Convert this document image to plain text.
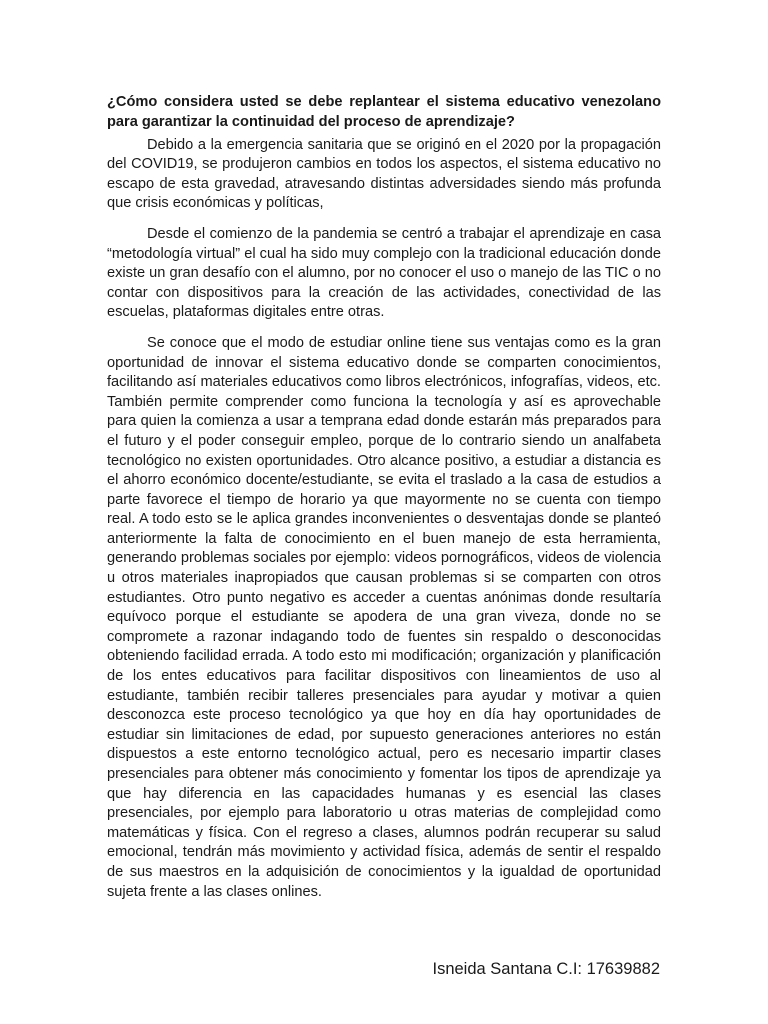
¿Cómo considera usted se debe replantear el sistema educativo venezolano para garantizar la continuidad del proceso de aprendizaje?

Debido a la emergencia sanitaria que se originó en el 2020 por la propagación del COVID19, se produjeron cambios en todos los aspectos, el sistema educativo no escapo de esta gravedad, atravesando distintas adversidades siendo más profunda que crisis económicas y políticas,

Desde el comienzo de la pandemia se centró a trabajar el aprendizaje en casa “metodología virtual” el cual ha sido muy complejo con la tradicional educación donde existe un gran desafío con el alumno, por no conocer el uso o manejo de las TIC o no contar con dispositivos para la creación de las actividades, conectividad de las escuelas, plataformas digitales entre otras.

Se conoce que el modo de estudiar online tiene sus ventajas como es la gran oportunidad de innovar el sistema educativo donde se comparten conocimientos, facilitando así materiales educativos como libros electrónicos, infografías, videos, etc. También permite comprender como funciona la tecnología y así es aprovechable para quien la comienza a usar a temprana edad donde estarán más preparados para el futuro y el poder conseguir empleo, porque de lo contrario siendo un analfabeta tecnológico no existen oportunidades. Otro alcance positivo, a estudiar a distancia es el ahorro económico docente/estudiante, se evita el traslado a la casa de estudios a parte favorece el tiempo de horario ya que mayormente no se cuenta con tiempo real. A todo esto se le aplica grandes inconvenientes o desventajas donde se planteó anteriormente la falta de conocimiento en el buen manejo de esta herramienta, generando problemas sociales por ejemplo: videos pornográficos, videos de violencia u otros materiales inapropiados que causan problemas si se comparten con otros estudiantes. Otro punto negativo es acceder a cuentas anónimas donde resultaría equívoco porque el estudiante se apodera de una gran viveza, donde no se compromete a razonar indagando todo de fuentes sin respaldo o desconocidas obteniendo facilidad errada. A todo esto mi modificación; organización y planificación de los entes educativos para facilitar dispositivos con lineamientos de uso al estudiante, también recibir talleres presenciales para ayudar y motivar a quien desconozca este proceso tecnológico ya que hoy en día hay oportunidades de estudiar sin limitaciones de edad, por supuesto generaciones anteriores no están dispuestos a este entorno tecnológico actual, pero es necesario impartir clases presenciales para obtener más conocimiento y fomentar los tipos de aprendizaje ya que hay diferencia en las capacidades humanas y es esencial las clases presenciales, por ejemplo para laboratorio u otras materias de complejidad como matemáticas y física. Con el regreso a clases, alumnos podrán recuperar su salud emocional, tendrán más movimiento y actividad física, además de sentir el respaldo de sus maestros en la adquisición de conocimientos y la igualdad de oportunidad sujeta frente a las clases onlines.

Isneida Santana C.I: 17639882
